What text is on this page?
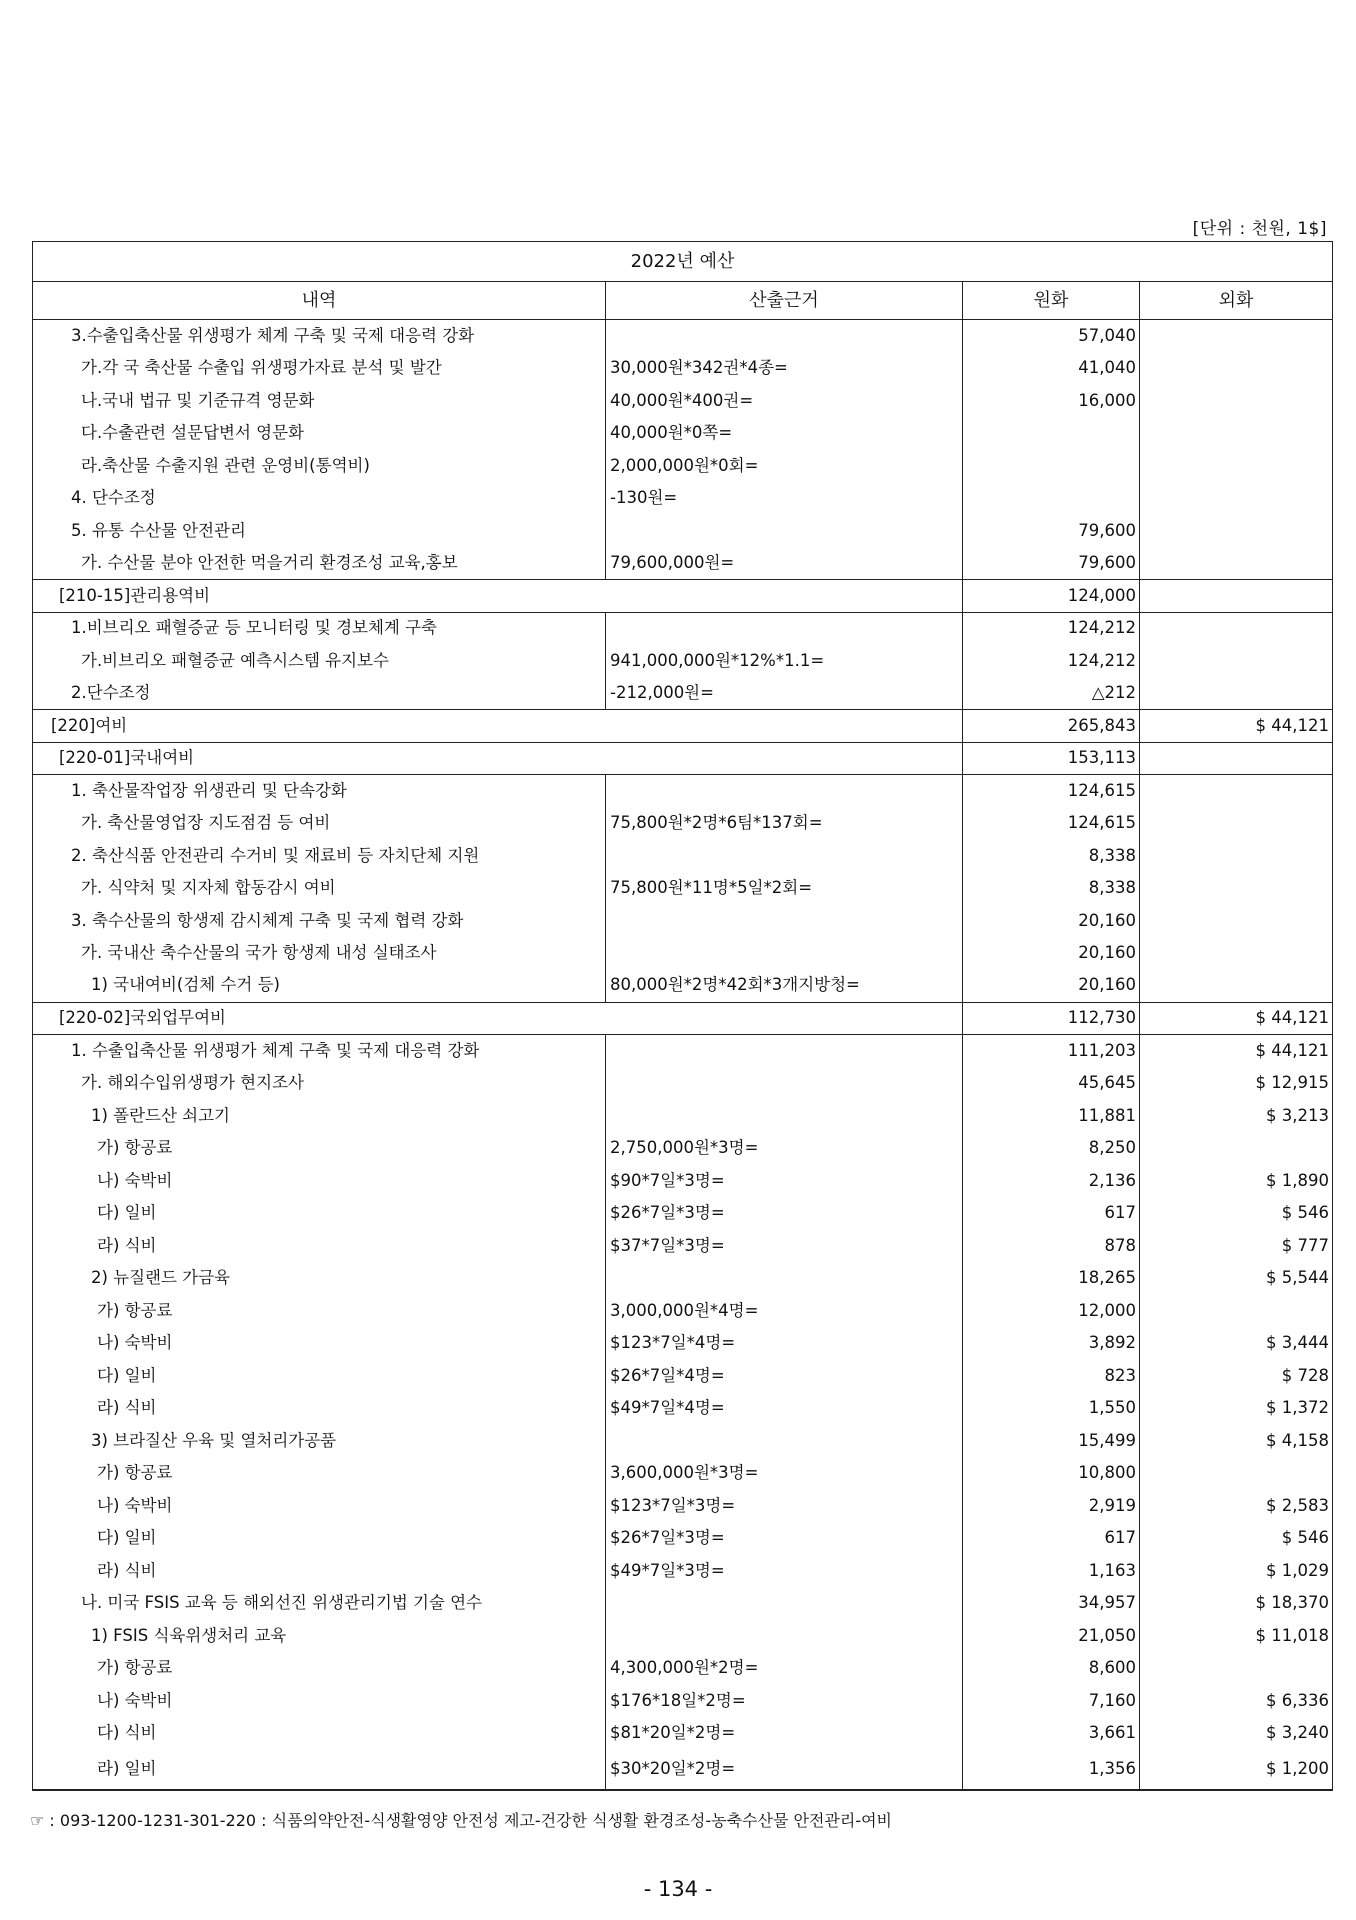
[단위 : 천원, 1$]
2022년 예산			
내역	산출근거	원화	외화
3.수출입축산물 위생평가 체계 구축 및 국제 대응력 강화		57,040	
가.각 국 축산물 수출입 위생평가자료 분석 및 발간	30,000원*342권*4종=	41,040	
나.국내 법규 및 기준규격 영문화	40,000원*400권=	16,000	
다.수출관련 설문답변서 영문화	40,000원*0쪽=		
라.축산물 수출지원 관련 운영비(통역비)	2,000,000원*0회=		
4. 단수조정	-130원=		
5. 유통 수산물 안전관리		79,600	
가. 수산물 분야 안전한 먹을거리 환경조성 교육,홍보	79,600,000원=	79,600	
[210-15]관리용역비		124,000	
1.비브리오 패혈증균 등 모니터링 및 경보체계 구축		124,212	
가.비브리오 패혈증균 예측시스템 유지보수	941,000,000원*12%*1.1=	124,212	
2.단수조정	-212,000원=	△212	
[220]여비		265,843	$ 44,121
[220-01]국내여비		153,113	
1. 축산물작업장 위생관리 및 단속강화		124,615	
가. 축산물영업장 지도점검 등 여비	75,800원*2명*6팀*137회=	124,615	
2. 축산식품 안전관리 수거비 및 재료비 등 자치단체 지원		8,338	
가. 식약처 및 지자체 합동감시 여비	75,800원*11명*5일*2회=	8,338	
3. 축수산물의 항생제 감시체계 구축 및 국제 협력 강화		20,160	
가. 국내산 축수산물의 국가 항생제 내성 실태조사		20,160	
1) 국내여비(검체 수거 등)	80,000원*2명*42회*3개지방청=	20,160	
[220-02]국외업무여비		112,730	$ 44,121
1. 수출입축산물 위생평가 체계 구축 및 국제 대응력 강화		111,203	$ 44,121
가. 해외수입위생평가 현지조사		45,645	$ 12,915
1) 폴란드산 쇠고기		11,881	$ 3,213
가) 항공료	2,750,000원*3명=	8,250	
나) 숙박비	$90*7일*3명=	2,136	$ 1,890
다) 일비	$26*7일*3명=	617	$ 546
라) 식비	$37*7일*3명=	878	$ 777
2) 뉴질랜드 가금육		18,265	$ 5,544
가) 항공료	3,000,000원*4명=	12,000	
나) 숙박비	$123*7일*4명=	3,892	$ 3,444
다) 일비	$26*7일*4명=	823	$ 728
라) 식비	$49*7일*4명=	1,550	$ 1,372
3) 브라질산 우육 및 열처리가공품		15,499	$ 4,158
가) 항공료	3,600,000원*3명=	10,800	
나) 숙박비	$123*7일*3명=	2,919	$ 2,583
다) 일비	$26*7일*3명=	617	$ 546
라) 식비	$49*7일*3명=	1,163	$ 1,029
나. 미국 FSIS 교육 등 해외선진 위생관리기법 기술 연수		34,957	$ 18,370
1) FSIS 식육위생처리 교육		21,050	$ 11,018
가) 항공료	4,300,000원*2명=	8,600	
나) 숙박비	$176*18일*2명=	7,160	$ 6,336
다) 식비	$81*20일*2명=	3,661	$ 3,240
라) 일비	$30*20일*2명=	1,356	$ 1,200
☞ : 093-1200-1231-301-220 : 식품의약안전-식생활영양 안전성 제고-건강한 식생활 환경조성-농축수산물 안전관리-여비
- 134 -
